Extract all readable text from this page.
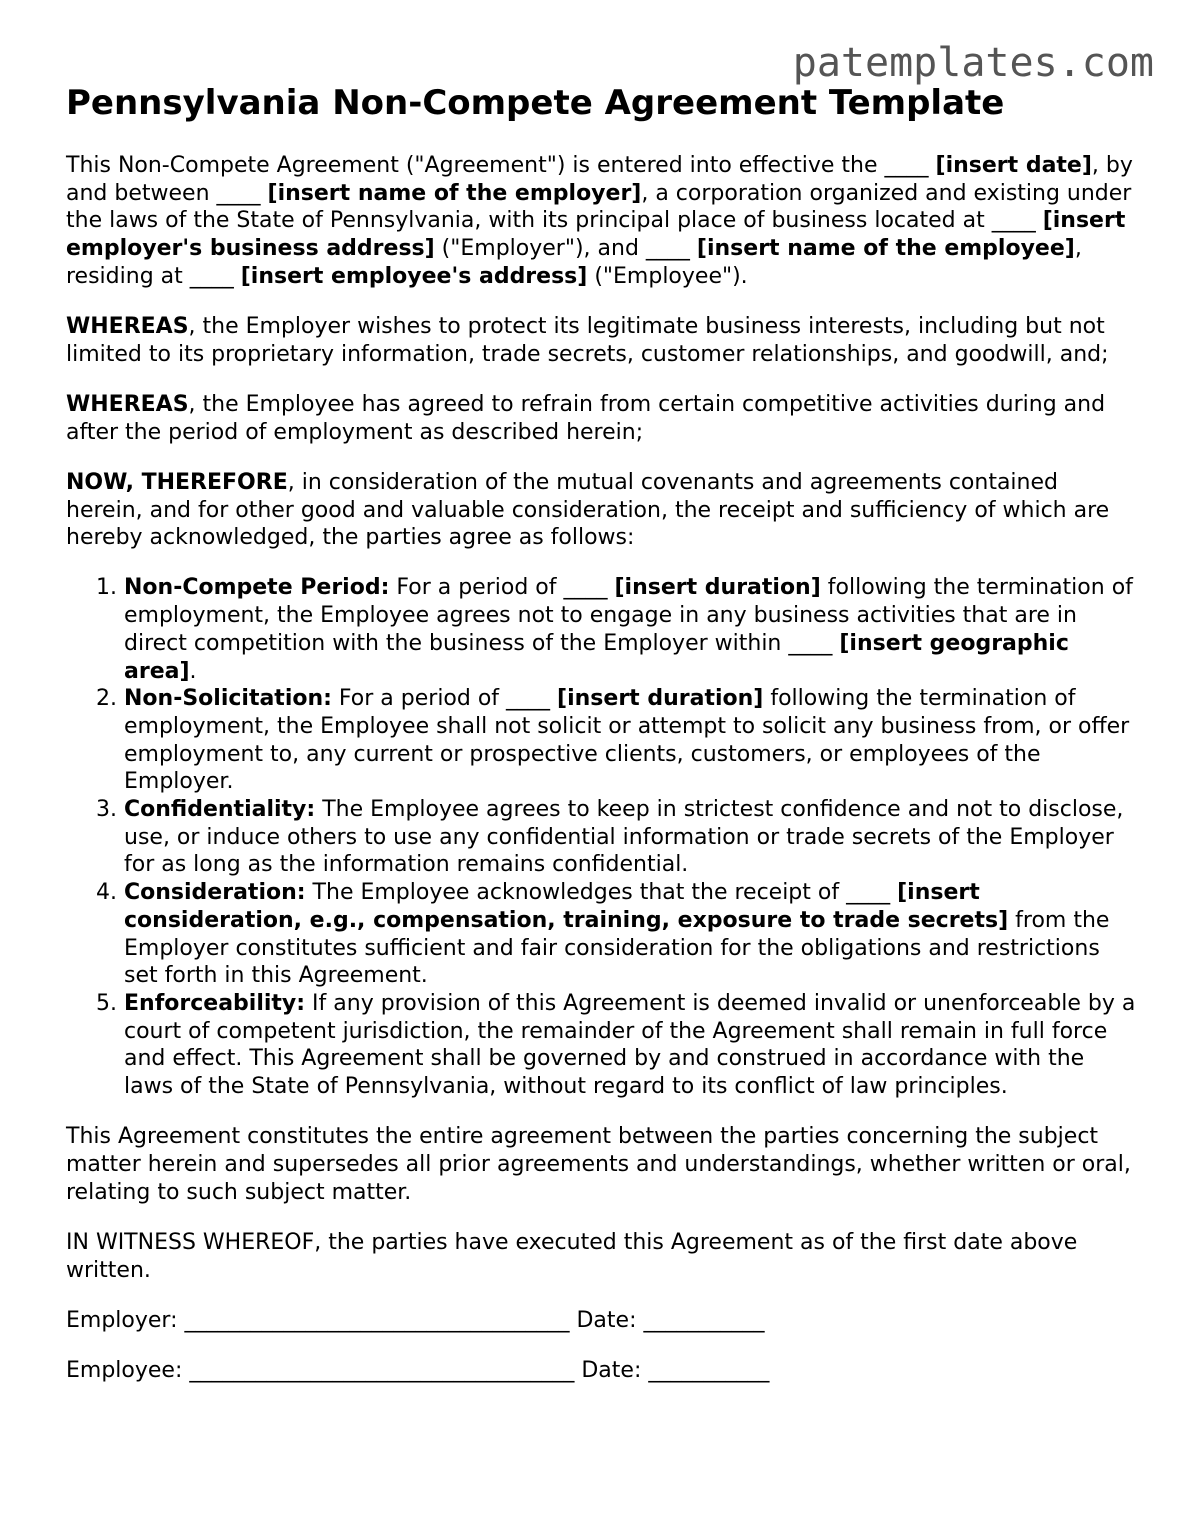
patemplates.com
Pennsylvania Non-Compete Agreement Template

This Non-Compete Agreement ("Agreement") is entered into effective the ____ [insert date], by and between ____ [insert name of the employer], a corporation organized and existing under the laws of the State of Pennsylvania, with its principal place of business located at ____ [insert employer's business address] ("Employer"), and ____ [insert name of the employee], residing at ____ [insert employee's address] ("Employee").

WHEREAS, the Employer wishes to protect its legitimate business interests, including but not limited to its proprietary information, trade secrets, customer relationships, and goodwill, and;

WHEREAS, the Employee has agreed to refrain from certain competitive activities during and after the period of employment as described herein;

NOW, THEREFORE, in consideration of the mutual covenants and agreements contained herein, and for other good and valuable consideration, the receipt and sufficiency of which are hereby acknowledged, the parties agree as follows:

1. Non-Compete Period: For a period of ____ [insert duration] following the termination of employment, the Employee agrees not to engage in any business activities that are in direct competition with the business of the Employer within ____ [insert geographic area].
2. Non-Solicitation: For a period of ____ [insert duration] following the termination of employment, the Employee shall not solicit or attempt to solicit any business from, or offer employment to, any current or prospective clients, customers, or employees of the Employer.
3. Confidentiality: The Employee agrees to keep in strictest confidence and not to disclose, use, or induce others to use any confidential information or trade secrets of the Employer for as long as the information remains confidential.
4. Consideration: The Employee acknowledges that the receipt of ____ [insert consideration, e.g., compensation, training, exposure to trade secrets] from the Employer constitutes sufficient and fair consideration for the obligations and restrictions set forth in this Agreement.
5. Enforceability: If any provision of this Agreement is deemed invalid or unenforceable by a court of competent jurisdiction, the remainder of the Agreement shall remain in full force and effect. This Agreement shall be governed by and construed in accordance with the laws of the State of Pennsylvania, without regard to its conflict of law principles.

This Agreement constitutes the entire agreement between the parties concerning the subject matter herein and supersedes all prior agreements and understandings, whether written or oral, relating to such subject matter.

IN WITNESS WHEREOF, the parties have executed this Agreement as of the first date above written.

Employer: ___________________________________ Date: ___________

Employee: ___________________________________ Date: ___________
